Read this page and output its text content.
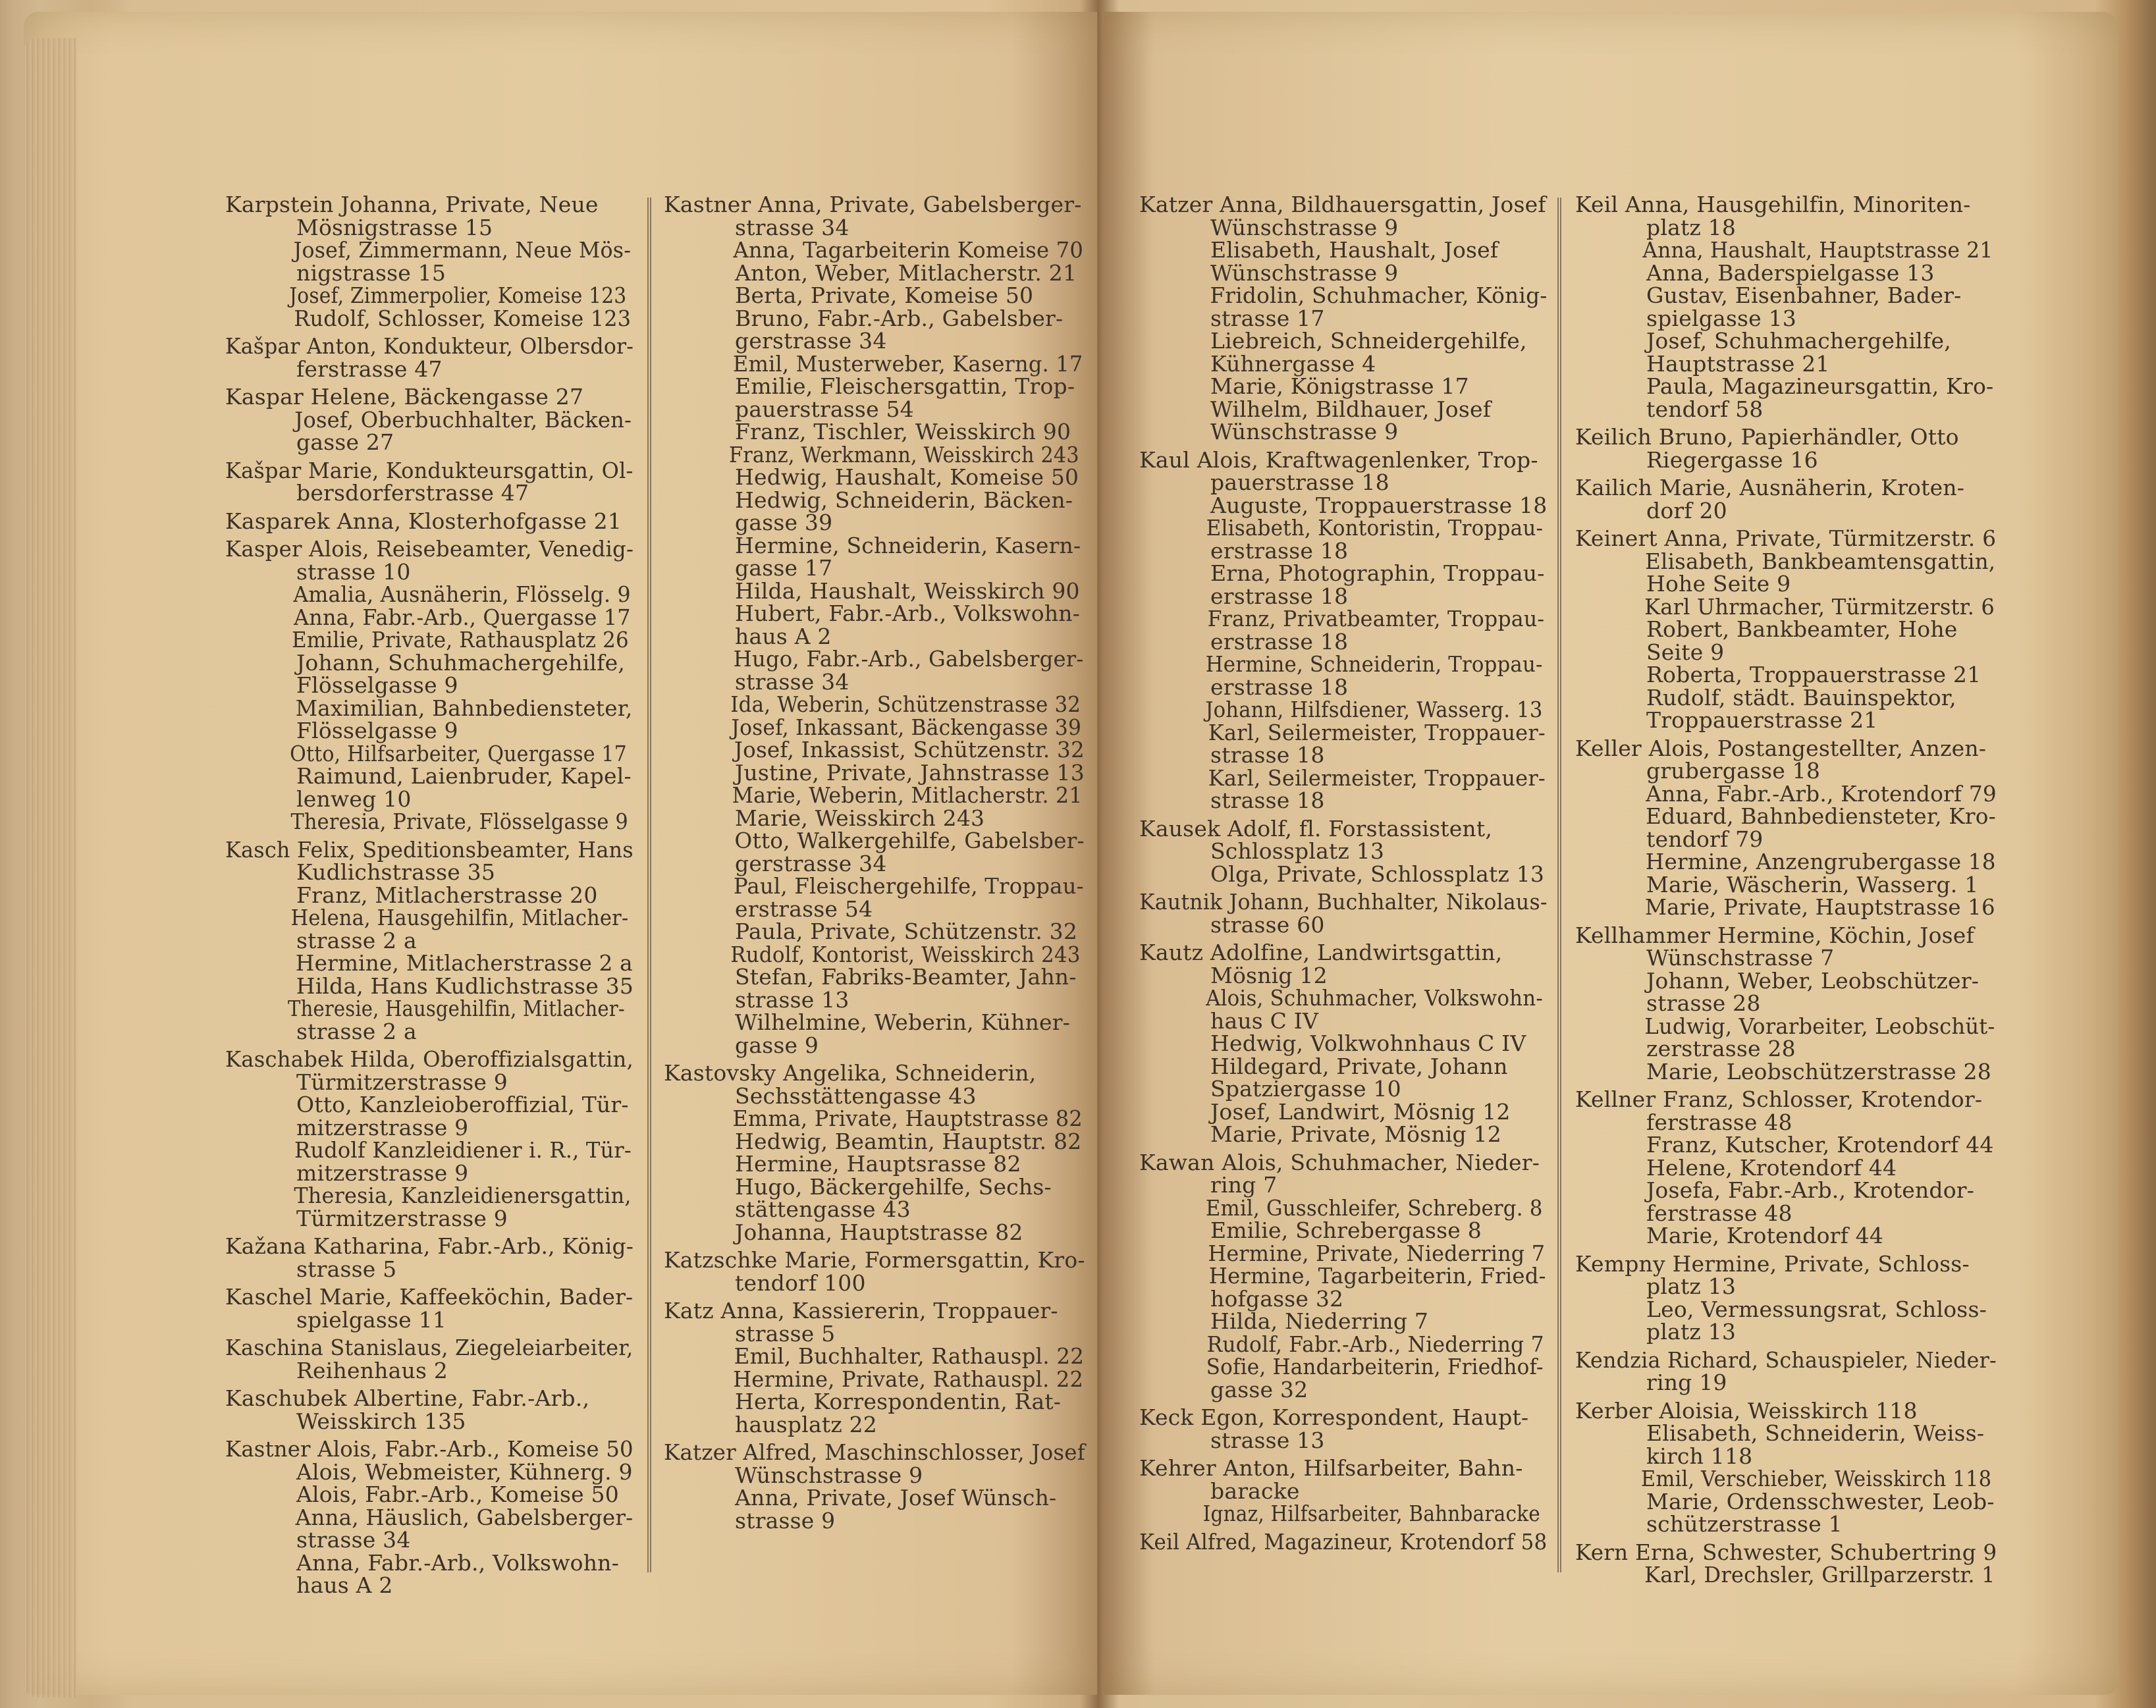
Karpstein Johanna, Private, Neue
Mösnigstrasse 15
Josef, Zimmermann, Neue Mös-
nigstrasse 15
Josef, Zimmerpolier, Komeise 123
Rudolf, Schlosser, Komeise 123
Kašpar Anton, Kondukteur, Olbersdor-
ferstrasse 47
Kaspar Helene, Bäckengasse 27
Josef, Oberbuchhalter, Bäcken-
gasse 27
Kašpar Marie, Kondukteursgattin, Ol-
bersdorferstrasse 47
Kasparek Anna, Klosterhofgasse 21
Kasper Alois, Reisebeamter, Venedig-
strasse 10
Amalia, Ausnäherin, Flösselg. 9
Anna, Fabr.-Arb., Quergasse 17
Emilie, Private, Rathausplatz 26
Johann, Schuhmachergehilfe,
Flösselgasse 9
Maximilian, Bahnbediensteter,
Flösselgasse 9
Otto, Hilfsarbeiter, Quergasse 17
Raimund, Laienbruder, Kapel-
lenweg 10
Theresia, Private, Flösselgasse 9
Kasch Felix, Speditionsbeamter, Hans
Kudlichstrasse 35
Franz, Mitlacherstrasse 20
Helena, Hausgehilfin, Mitlacher-
strasse 2 a
Hermine, Mitlacherstrasse 2 a
Hilda, Hans Kudlichstrasse 35
Theresie, Hausgehilfin, Mitlacher-
strasse 2 a
Kaschabek Hilda, Oberoffizialsgattin,
Türmitzerstrasse 9
Otto, Kanzleioberoffizial, Tür-
mitzerstrasse 9
Rudolf Kanzleidiener i. R., Tür-
mitzerstrasse 9
Theresia, Kanzleidienersgattin,
Türmitzerstrasse 9
Kažana Katharina, Fabr.-Arb., König-
strasse 5
Kaschel Marie, Kaffeeköchin, Bader-
spielgasse 11
Kaschina Stanislaus, Ziegeleiarbeiter,
Reihenhaus 2
Kaschubek Albertine, Fabr.-Arb.,
Weisskirch 135
Kastner Alois, Fabr.-Arb., Komeise 50
Alois, Webmeister, Kühnerg. 9
Alois, Fabr.-Arb., Komeise 50
Anna, Häuslich, Gabelsberger-
strasse 34
Anna, Fabr.-Arb., Volkswohn-
haus A 2
Kastner Anna, Private, Gabelsberger-
strasse 34
Anna, Tagarbeiterin Komeise 70
Anton, Weber, Mitlacherstr. 21
Berta, Private, Komeise 50
Bruno, Fabr.-Arb., Gabelsber-
gerstrasse 34
Emil, Musterweber, Kaserng. 17
Emilie, Fleischersgattin, Trop-
pauerstrasse 54
Franz, Tischler, Weisskirch 90
Franz, Werkmann, Weisskirch 243
Hedwig, Haushalt, Komeise 50
Hedwig, Schneiderin, Bäcken-
gasse 39
Hermine, Schneiderin, Kasern-
gasse 17
Hilda, Haushalt, Weisskirch 90
Hubert, Fabr.-Arb., Volkswohn-
haus A 2
Hugo, Fabr.-Arb., Gabelsberger-
strasse 34
Ida, Weberin, Schützenstrasse 32
Josef, Inkassant, Bäckengasse 39
Josef, Inkassist, Schützenstr. 32
Justine, Private, Jahnstrasse 13
Marie, Weberin, Mitlacherstr. 21
Marie, Weisskirch 243
Otto, Walkergehilfe, Gabelsber-
gerstrasse 34
Paul, Fleischergehilfe, Troppau-
erstrasse 54
Paula, Private, Schützenstr. 32
Rudolf, Kontorist, Weisskirch 243
Stefan, Fabriks-Beamter, Jahn-
strasse 13
Wilhelmine, Weberin, Kühner-
gasse 9
Kastovsky Angelika, Schneiderin,
Sechsstättengasse 43
Emma, Private, Hauptstrasse 82
Hedwig, Beamtin, Hauptstr. 82
Hermine, Hauptsrasse 82
Hugo, Bäckergehilfe, Sechs-
stättengasse 43
Johanna, Hauptstrasse 82
Katzschke Marie, Formersgattin, Kro-
tendorf 100
Katz Anna, Kassiererin, Troppauer-
strasse 5
Emil, Buchhalter, Rathauspl. 22
Hermine, Private, Rathauspl. 22
Herta, Korrespondentin, Rat-
hausplatz 22
Katzer Alfred, Maschinschlosser, Josef
Wünschstrasse 9
Anna, Private, Josef Wünsch-
strasse 9
Katzer Anna, Bildhauersgattin, Josef
Wünschstrasse 9
Elisabeth, Haushalt, Josef
Wünschstrasse 9
Fridolin, Schuhmacher, König-
strasse 17
Liebreich, Schneidergehilfe,
Kühnergasse 4
Marie, Königstrasse 17
Wilhelm, Bildhauer, Josef
Wünschstrasse 9
Kaul Alois, Kraftwagenlenker, Trop-
pauerstrasse 18
Auguste, Troppauerstrasse 18
Elisabeth, Kontoristin, Troppau-
erstrasse 18
Erna, Photographin, Troppau-
erstrasse 18
Franz, Privatbeamter, Troppau-
erstrasse 18
Hermine, Schneiderin, Troppau-
erstrasse 18
Johann, Hilfsdiener, Wasserg. 13
Karl, Seilermeister, Troppauer-
strasse 18
Karl, Seilermeister, Troppauer-
strasse 18
Kausek Adolf, fl. Forstassistent,
Schlossplatz 13
Olga, Private, Schlossplatz 13
Kautnik Johann, Buchhalter, Nikolaus-
strasse 60
Kautz Adolfine, Landwirtsgattin,
Mösnig 12
Alois, Schuhmacher, Volkswohn-
haus C IV
Hedwig, Volkwohnhaus C IV
Hildegard, Private, Johann
Spatziergasse 10
Josef, Landwirt, Mösnig 12
Marie, Private, Mösnig 12
Kawan Alois, Schuhmacher, Nieder-
ring 7
Emil, Gusschleifer, Schreberg. 8
Emilie, Schrebergasse 8
Hermine, Private, Niederring 7
Hermine, Tagarbeiterin, Fried-
hofgasse 32
Hilda, Niederring 7
Rudolf, Fabr.-Arb., Niederring 7
Sofie, Handarbeiterin, Friedhof-
gasse 32
Keck Egon, Korrespondent, Haupt-
strasse 13
Kehrer Anton, Hilfsarbeiter, Bahn-
baracke
Ignaz, Hilfsarbeiter, Bahnbaracke
Keil Alfred, Magazineur, Krotendorf 58
Keil Anna, Hausgehilfin, Minoriten-
platz 18
Anna, Haushalt, Hauptstrasse 21
Anna, Baderspielgasse 13
Gustav, Eisenbahner, Bader-
spielgasse 13
Josef, Schuhmachergehilfe,
Hauptstrasse 21
Paula, Magazineursgattin, Kro-
tendorf 58
Keilich Bruno, Papierhändler, Otto
Riegergasse 16
Kailich Marie, Ausnäherin, Kroten-
dorf 20
Keinert Anna, Private, Türmitzerstr. 6
Elisabeth, Bankbeamtensgattin,
Hohe Seite 9
Karl Uhrmacher, Türmitzerstr. 6
Robert, Bankbeamter, Hohe
Seite 9
Roberta, Troppauerstrasse 21
Rudolf, städt. Bauinspektor,
Troppauerstrasse 21
Keller Alois, Postangestellter, Anzen-
grubergasse 18
Anna, Fabr.-Arb., Krotendorf 79
Eduard, Bahnbediensteter, Kro-
tendorf 79
Hermine, Anzengrubergasse 18
Marie, Wäscherin, Wasserg. 1
Marie, Private, Hauptstrasse 16
Kellhammer Hermine, Köchin, Josef
Wünschstrasse 7
Johann, Weber, Leobschützer-
strasse 28
Ludwig, Vorarbeiter, Leobschüt-
zerstrasse 28
Marie, Leobschützerstrasse 28
Kellner Franz, Schlosser, Krotendor-
ferstrasse 48
Franz, Kutscher, Krotendorf 44
Helene, Krotendorf 44
Josefa, Fabr.-Arb., Krotendor-
ferstrasse 48
Marie, Krotendorf 44
Kempny Hermine, Private, Schloss-
platz 13
Leo, Vermessungsrat, Schloss-
platz 13
Kendzia Richard, Schauspieler, Nieder-
ring 19
Kerber Aloisia, Weisskirch 118
Elisabeth, Schneiderin, Weiss-
kirch 118
Emil, Verschieber, Weisskirch 118
Marie, Ordensschwester, Leob-
schützerstrasse 1
Kern Erna, Schwester, Schubertring 9
Karl, Drechsler, Grillparzerstr. 1
